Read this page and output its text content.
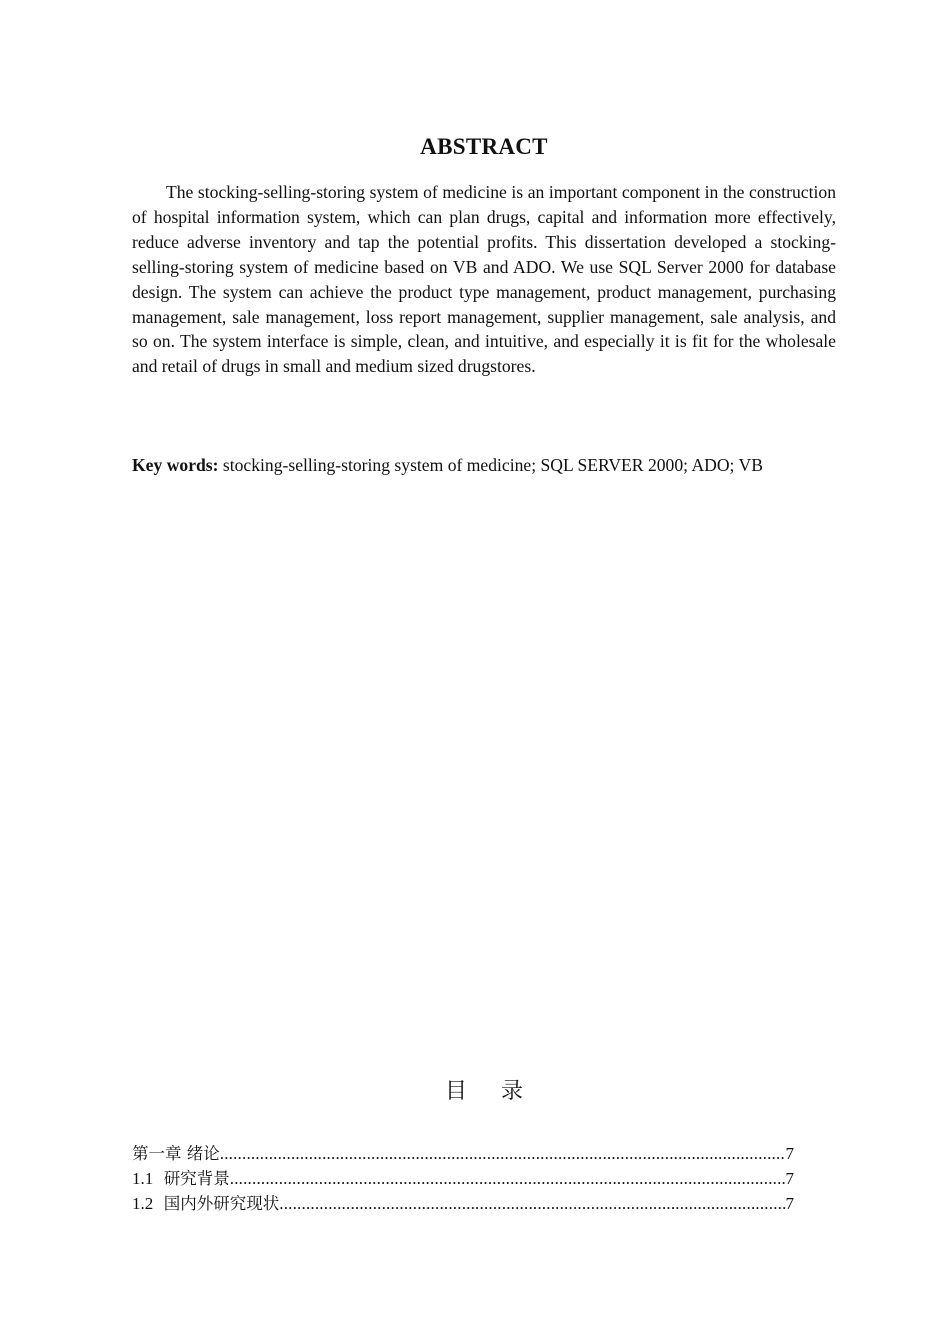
ABSTRACT

The stocking-selling-storing system of medicine is an important component in the construction of hospital information system, which can plan drugs, capital and information more effectively, reduce adverse inventory and tap the potential profits. This dissertation developed a stocking-selling-storing system of medicine based on VB and ADO. We use SQL Server 2000 for database design. The system can achieve the product type management, product management, purchasing management, sale management, loss report management, supplier management, sale analysis, and so on. The system interface is simple, clean, and intuitive, and especially it is fit for the wholesale and retail of drugs in small and medium sized drugstores.

Key words: stocking-selling-storing system of medicine; SQL SERVER 2000; ADO; VB
目 录
第一章 绪论 .....	7
1.1 研究背景 .....	7
1.2 国内外研究现状 .....	7
